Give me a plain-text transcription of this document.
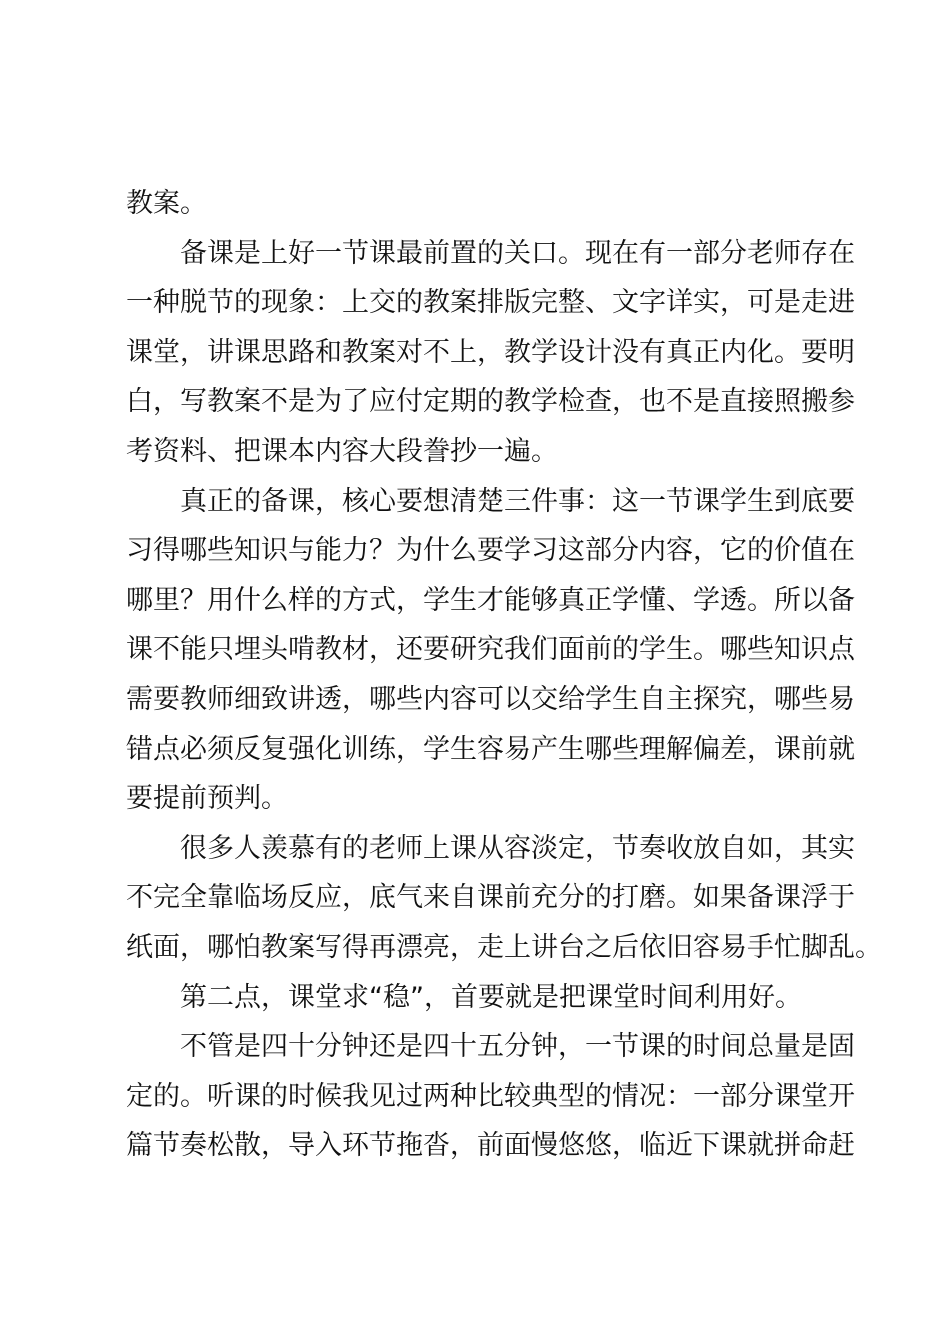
教案。
备课是上好一节课最前置的关口。现在有一部分老师存在
一种脱节的现象：上交的教案排版完整、文字详实，可是走进
课堂，讲课思路和教案对不上，教学设计没有真正内化。要明
白，写教案不是为了应付定期的教学检查，也不是直接照搬参
考资料、把课本内容大段誊抄一遍。
真正的备课，核心要想清楚三件事：这一节课学生到底要
习得哪些知识与能力？为什么要学习这部分内容，它的价值在
哪里？用什么样的方式，学生才能够真正学懂、学透。所以备
课不能只埋头啃教材，还要研究我们面前的学生。哪些知识点
需要教师细致讲透，哪些内容可以交给学生自主探究，哪些易
错点必须反复强化训练，学生容易产生哪些理解偏差，课前就
要提前预判。
很多人羡慕有的老师上课从容淡定，节奏收放自如，其实
不完全靠临场反应，底气来自课前充分的打磨。如果备课浮于
纸面，哪怕教案写得再漂亮，走上讲台之后依旧容易手忙脚乱。
第二点，课堂求“稳”，首要就是把课堂时间利用好。
不管是四十分钟还是四十五分钟，一节课的时间总量是固
定的。听课的时候我见过两种比较典型的情况：一部分课堂开
篇节奏松散，导入环节拖沓，前面慢悠悠，临近下课就拼命赶
